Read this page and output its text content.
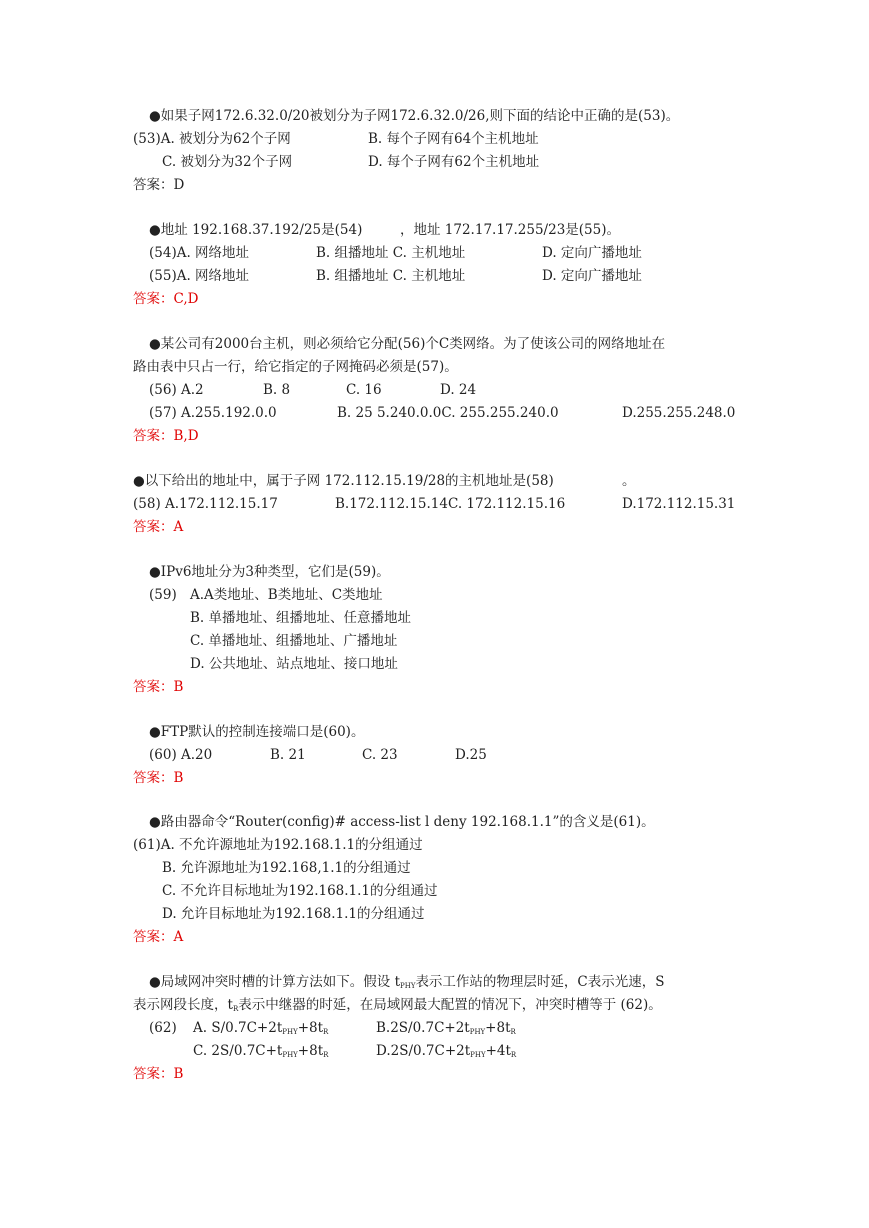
●如果子网172.6.32.0/20被划分为子网172.6.32.0/26,则下面的结论中正确的是(53)。
(53)A. 被划分为62个子网	B. 每个子网有64个主机地址
C. 被划分为32个子网	D. 每个子网有62个主机地址
答案：D
●地址 192.168.37.192/25是(54)	，地址 172.17.17.255/23是(55)。
(54)A. 网络地址	B. 组播地址 C. 主机地址	D. 定向广播地址
(55)A. 网络地址	B. 组播地址 C. 主机地址	D. 定向广播地址
答案：C,D
●某公司有2000台主机，则必须给它分配(56)个C类网络。为了使该公司的网络地址在
路由表中只占一行，给它指定的子网掩码必须是(57)。
(56) A.2	B. 8	C. 16	D. 24
(57) A.255.192.0.0	B. 25 5.240.0.0C. 255.255.240.0	D.255.255.248.0
答案：B,D
●以下给出的地址中，属于子网 172.112.15.19/28的主机地址是(58)	。
(58) A.172.112.15.17	B.172.112.15.14C. 172.112.15.16	D.172.112.15.31
答案：A
●IPv6地址分为3种类型，它们是(59)。
(59) A.A类地址、B类地址、C类地址
B. 单播地址、组播地址、任意播地址
C. 单播地址、组播地址、广播地址
D. 公共地址、站点地址、接口地址
答案：B
●FTP默认的控制连接端口是(60)。
(60) A.20	B. 21	C. 23	D.25
答案：B
●路由器命令“Router(config)# access-list l deny 192.168.1.1”的含义是(61)。
(61)A. 不允许源地址为192.168.1.1的分组通过
B. 允许源地址为192.168,1.1的分组通过
C. 不允许目标地址为192.168.1.1的分组通过
D. 允许目标地址为192.168.1.1的分组通过
答案：A
●局域网冲突时槽的计算方法如下。假设 $t_{PHY}$表示工作站的物理层时延，C表示光速，S
表示网段长度，$t_R$表示中继器的时延，在局域网最大配置的情况下，冲突时槽等于 (62)。
(62) A. $S/0.7C+2t_{PHY}+8t_R$	$B.2S/0.7C+2t_{PHY}+8t_R$
C. $2S/0.7C+t_{PHY}+8t_R$	$D.2S/0.7C+2t_{PHY}+4t_R$
答案：B
